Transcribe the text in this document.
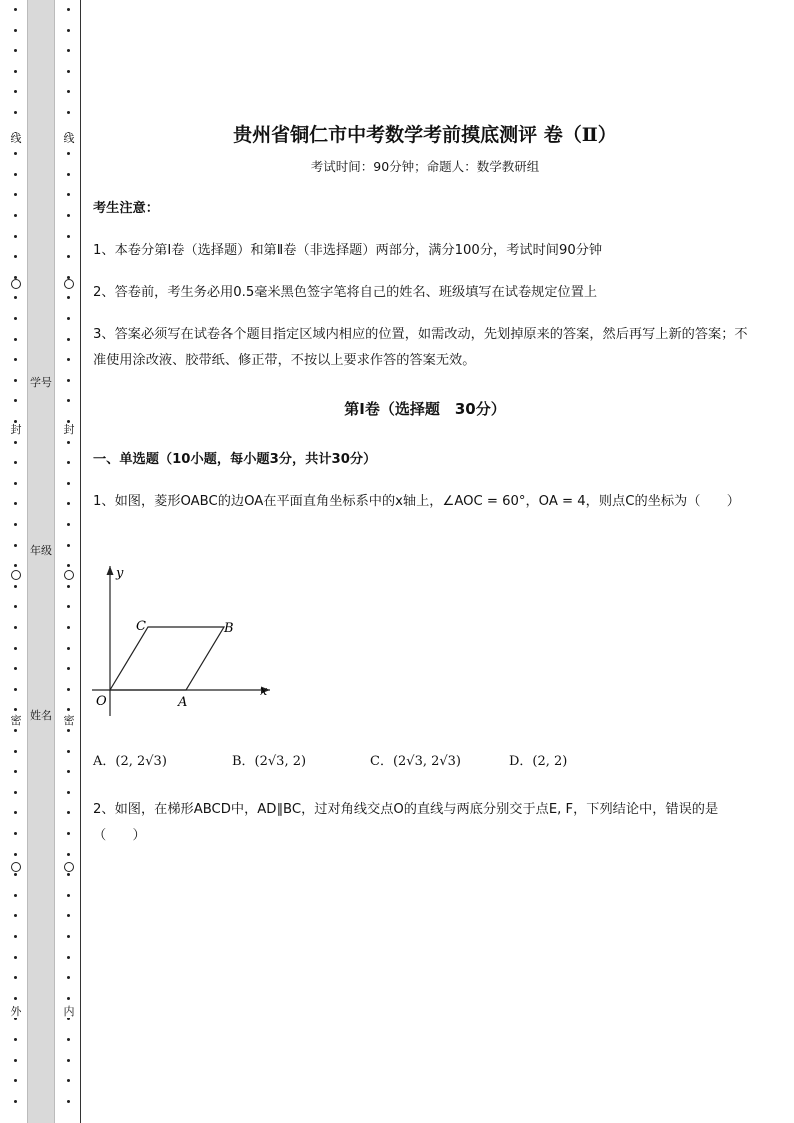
学号
年级
姓名
线
封
密
外
线
封
密
内
贵州省铜仁市中考数学考前摸底测评 卷（Ⅱ）
考试时间：90分钟；命题人：数学教研组
考生注意：
1、本卷分第Ⅰ卷（选择题）和第Ⅱ卷（非选择题）两部分，满分100分，考试时间90分钟
2、答卷前，考生务必用0.5毫米黑色签字笔将自己的姓名、班级填写在试卷规定位置上
3、答案必须写在试卷各个题目指定区域内相应的位置，如需改动，先划掉原来的答案，然后再写上新的答案；不准使用涂改液、胶带纸、修正带，不按以上要求作答的答案无效。
第Ⅰ卷（选择题　30分）
一、单选题（10小题，每小题3分，共计30分）
1、如图，菱形OABC的边OA在平面直角坐标系中的x轴上，∠AOC = 60°，OA = 4，则点C的坐标为（　　）
y
x
O	A
B
C
A．(2, 2√3)	B．(2√3, 2)	C．(2√3, 2√3)	D．(2, 2)
2、如图，在梯形ABCD中，AD∥BC，过对角线交点O的直线与两底分别交于点E, F，下列结论中，错误的是（　　）
